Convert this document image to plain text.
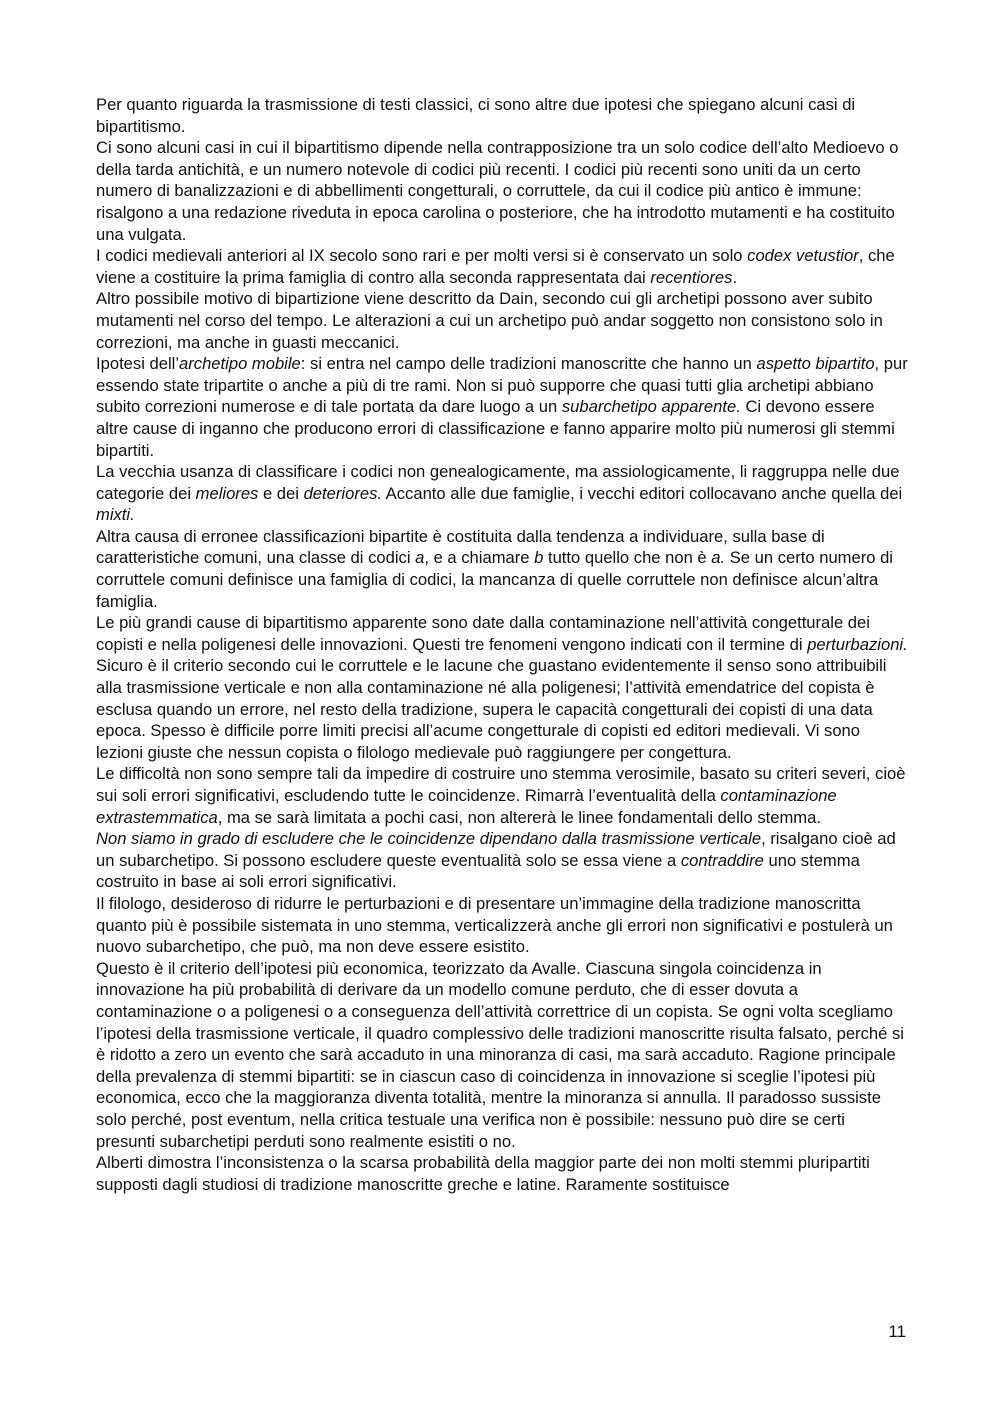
Per quanto riguarda la trasmissione di testi classici, ci sono altre due ipotesi che spiegano alcuni casi di bipartitismo.

Ci sono alcuni casi in cui il bipartitismo dipende nella contrapposizione tra un solo codice dell’alto Medioevo o della tarda antichità, e un numero notevole di codici più recenti. I codici più recenti sono uniti da un certo numero di banalizzazioni e di abbellimenti congetturali, o corruttele, da cui il codice più antico è immune: risalgono a una redazione riveduta in epoca carolina o posteriore, che ha introdotto mutamenti e ha costituito una vulgata.

I codici medievali anteriori al IX secolo sono rari e per molti versi si è conservato un solo codex vetustior, che viene a costituire la prima famiglia di contro alla seconda rappresentata dai recentiores.

Altro possibile motivo di bipartizione viene descritto da Dain, secondo cui gli archetipi possono aver subito mutamenti nel corso del tempo. Le alterazioni a cui un archetipo può andar soggetto non consistono solo in correzioni, ma anche in guasti meccanici.

Ipotesi dell’archetipo mobile: si entra nel campo delle tradizioni manoscritte che hanno un aspetto bipartito, pur essendo state tripartite o anche a più di tre rami. Non si può supporre che quasi tutti glia archetipi abbiano subito correzioni numerose e di tale portata da dare luogo a un subarchetipo apparente. Ci devono essere altre cause di inganno che producono errori di classificazione e fanno apparire molto più numerosi gli stemmi bipartiti.

La vecchia usanza di classificare i codici non genealogicamente, ma assiologicamente, li raggruppa nelle due categorie dei meliores e dei deteriores. Accanto alle due famiglie, i vecchi editori collocavano anche quella dei mixti.

Altra causa di erronee classificazioni bipartite è costituita dalla tendenza a individuare, sulla base di caratteristiche comuni, una classe di codici a, e a chiamare b tutto quello che non è a. Se un certo numero di corruttele comuni definisce una famiglia di codici, la mancanza di quelle corruttele non definisce alcun’altra famiglia.

Le più grandi cause di bipartitismo apparente sono date dalla contaminazione nell’attività congetturale dei copisti e nella poligenesi delle innovazioni. Questi tre fenomeni vengono indicati con il termine di perturbazioni.

Sicuro è il criterio secondo cui le corruttele e le lacune che guastano evidentemente il senso sono attribuibili alla trasmissione verticale e non alla contaminazione né alla poligenesi; l’attività emendatrice del copista è esclusa quando un errore, nel resto della tradizione, supera le capacità congetturali dei copisti di una data epoca. Spesso è difficile porre limiti precisi all’acume congetturale di copisti ed editori medievali. Vi sono lezioni giuste che nessun copista o filologo medievale può raggiungere per congettura.

Le difficoltà non sono sempre tali da impedire di costruire uno stemma verosimile, basato su criteri severi, cioè sui soli errori significativi, escludendo tutte le coincidenze. Rimarrà l’eventualità della contaminazione extrastemmatica, ma se sarà limitata a pochi casi, non altererà le linee fondamentali dello stemma.

Non siamo in grado di escludere che le coincidenze dipendano dalla trasmissione verticale, risalgano cioè ad un subarchetipo. Si possono escludere queste eventualità solo se essa viene a contraddire uno stemma costruito in base ai soli errori significativi.

Il filologo, desideroso di ridurre le perturbazioni e di presentare un’immagine della tradizione manoscritta quanto più è possibile sistemata in uno stemma, verticalizzerà anche gli errori non significativi e postulerà un nuovo subarchetipo, che può, ma non deve essere esistito.

Questo è il criterio dell’ipotesi più economica, teorizzato da Avalle. Ciascuna singola coincidenza in innovazione ha più probabilità di derivare da un modello comune perduto, che di esser dovuta a contaminazione o a poligenesi o a conseguenza dell’attività correttrice di un copista. Se ogni volta scegliamo l’ipotesi della trasmissione verticale, il quadro complessivo delle tradizioni manoscritte risulta falsato, perché si è ridotto a zero un evento che sarà accaduto in una minoranza di casi, ma sarà accaduto. Ragione principale della prevalenza di stemmi bipartiti: se in ciascun caso di coincidenza in innovazione si sceglie l’ipotesi più economica, ecco che la maggioranza diventa totalità, mentre la minoranza si annulla. Il paradosso sussiste solo perché, post eventum, nella critica testuale una verifica non è possibile: nessuno può dire se certi presunti subarchetipi perduti sono realmente esistiti o no.

Alberti dimostra l’inconsistenza o la scarsa probabilità della maggior parte dei non molti stemmi pluripartiti supposti dagli studiosi di tradizione manoscritte greche e latine. Raramente sostituisce

11
